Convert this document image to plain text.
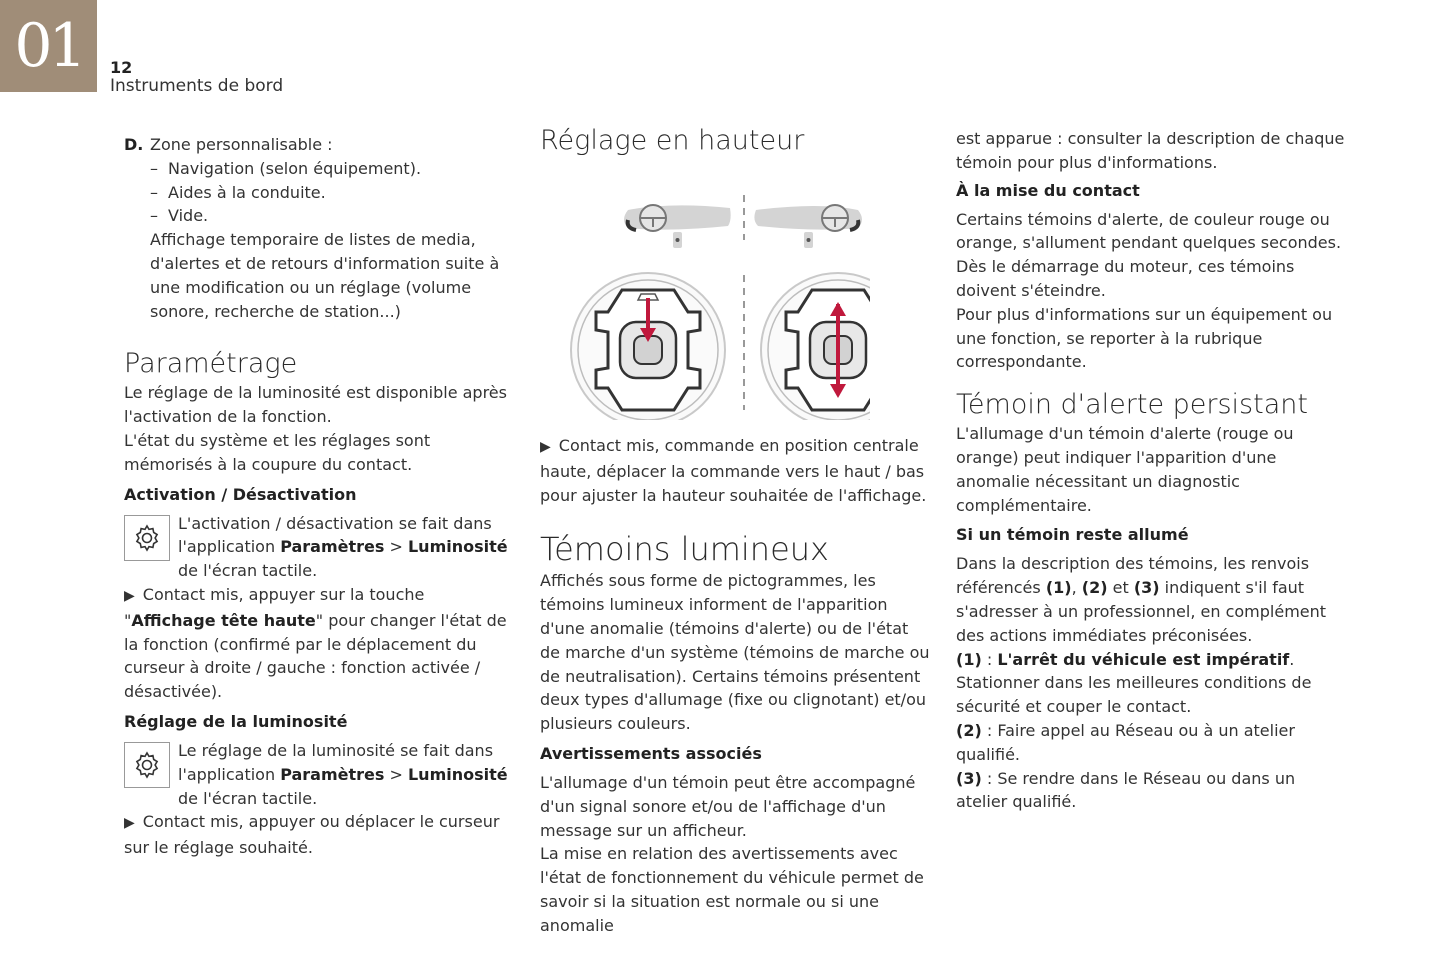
01 12
Instruments de bord

D. Zone personnalisable :

– Navigation (selon équipement).
– Aides à la conduite.
– Vide.

Affichage temporaire de listes de media, d'alertes et de retours d'information suite à une modification ou un réglage (volume sonore, recherche de station...)

Paramétrage

Le réglage de la luminosité est disponible après l'activation de la fonction.

L'état du système et les réglages sont mémorisés à la coupure du contact.

Activation / Désactivation

L'activation / désactivation se fait dans l'application Paramètres > Luminosité de l'écran tactile.

▶ Contact mis, appuyer sur la touche "Affichage tête haute" pour changer l'état de la fonction (confirmé par le déplacement du curseur à droite / gauche : fonction activée / désactivée).

Réglage de la luminosité

Le réglage de la luminosité se fait dans l'application Paramètres > Luminosité de l'écran tactile.

▶ Contact mis, appuyer ou déplacer le curseur sur le réglage souhaité.

Réglage en hauteur

▶ Contact mis, commande en position centrale haute, déplacer la commande vers le haut / bas pour ajuster la hauteur souhaitée de l'affichage.

Témoins lumineux

Affichés sous forme de pictogrammes, les témoins lumineux informent de l'apparition d'une anomalie (témoins d'alerte) ou de l'état de marche d'un système (témoins de marche ou de neutralisation). Certains témoins présentent deux types d'allumage (fixe ou clignotant) et/ou plusieurs couleurs.

Avertissements associés

L'allumage d'un témoin peut être accompagné d'un signal sonore et/ou de l'affichage d'un message sur un afficheur.

La mise en relation des avertissements avec l'état de fonctionnement du véhicule permet de savoir si la situation est normale ou si une anomalie

est apparue : consulter la description de chaque témoin pour plus d'informations.

À la mise du contact

Certains témoins d'alerte, de couleur rouge ou orange, s'allument pendant quelques secondes.

Dès le démarrage du moteur, ces témoins doivent s'éteindre.

Pour plus d'informations sur un équipement ou une fonction, se reporter à la rubrique correspondante.

Témoin d'alerte persistant

L'allumage d'un témoin d'alerte (rouge ou orange) peut indiquer l'apparition d'une anomalie nécessitant un diagnostic complémentaire.

Si un témoin reste allumé

Dans la description des témoins, les renvois référencés (1), (2) et (3) indiquent s'il faut s'adresser à un professionnel, en complément des actions immédiates préconisées.

(1) : L'arrêt du véhicule est impératif.

Stationner dans les meilleures conditions de sécurité et couper le contact.

(2) : Faire appel au Réseau ou à un atelier qualifié.

(3) : Se rendre dans le Réseau ou dans un atelier qualifié.
